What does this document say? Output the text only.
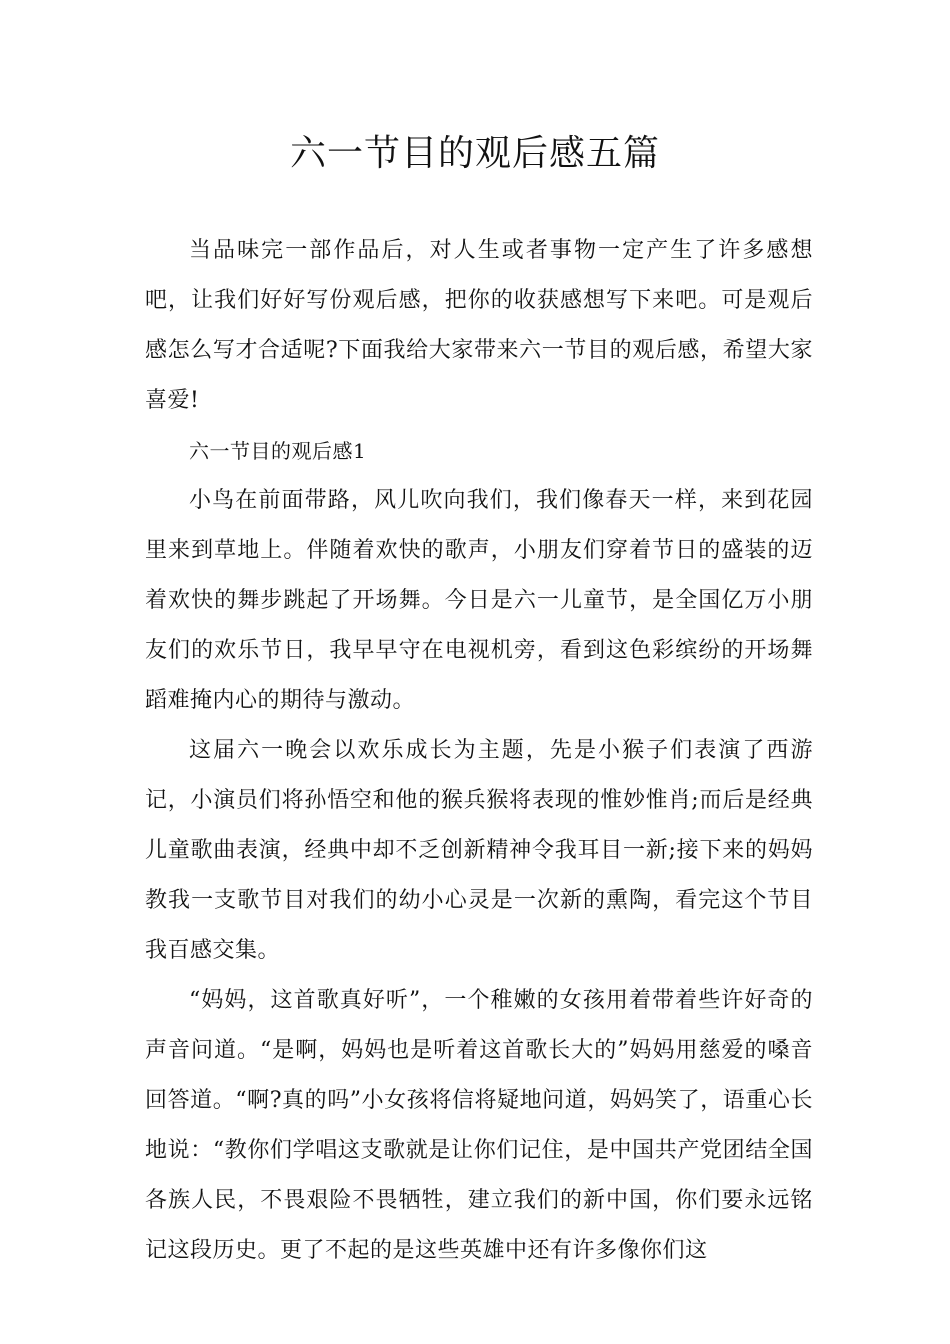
六一节目的观后感五篇

当品味完一部作品后，对人生或者事物一定产生了许多感想吧，让我们好好写份观后感，把你的收获感想写下来吧。可是观后感怎么写才合适呢?下面我给大家带来六一节目的观后感，希望大家喜爱!

六一节目的观后感1

小鸟在前面带路，风儿吹向我们，我们像春天一样，来到花园里来到草地上。伴随着欢快的歌声，小朋友们穿着节日的盛装的迈着欢快的舞步跳起了开场舞。今日是六一儿童节，是全国亿万小朋友们的欢乐节日，我早早守在电视机旁，看到这色彩缤纷的开场舞蹈难掩内心的期待与激动。

这届六一晚会以欢乐成长为主题，先是小猴子们表演了西游记，小演员们将孙悟空和他的猴兵猴将表现的惟妙惟肖;而后是经典儿童歌曲表演，经典中却不乏创新精神令我耳目一新;接下来的妈妈教我一支歌节目对我们的幼小心灵是一次新的熏陶，看完这个节目我百感交集。

“妈妈，这首歌真好听”，一个稚嫩的女孩用着带着些许好奇的声音问道。“是啊，妈妈也是听着这首歌长大的”妈妈用慈爱的嗓音回答道。“啊?真的吗”小女孩将信将疑地问道，妈妈笑了，语重心长地说：“教你们学唱这支歌就是让你们记住，是中国共产党团结全国各族人民，不畏艰险不畏牺牲，建立我们的新中国，你们要永远铭记这段历史。更了不起的是这些英雄中还有许多像你们这
